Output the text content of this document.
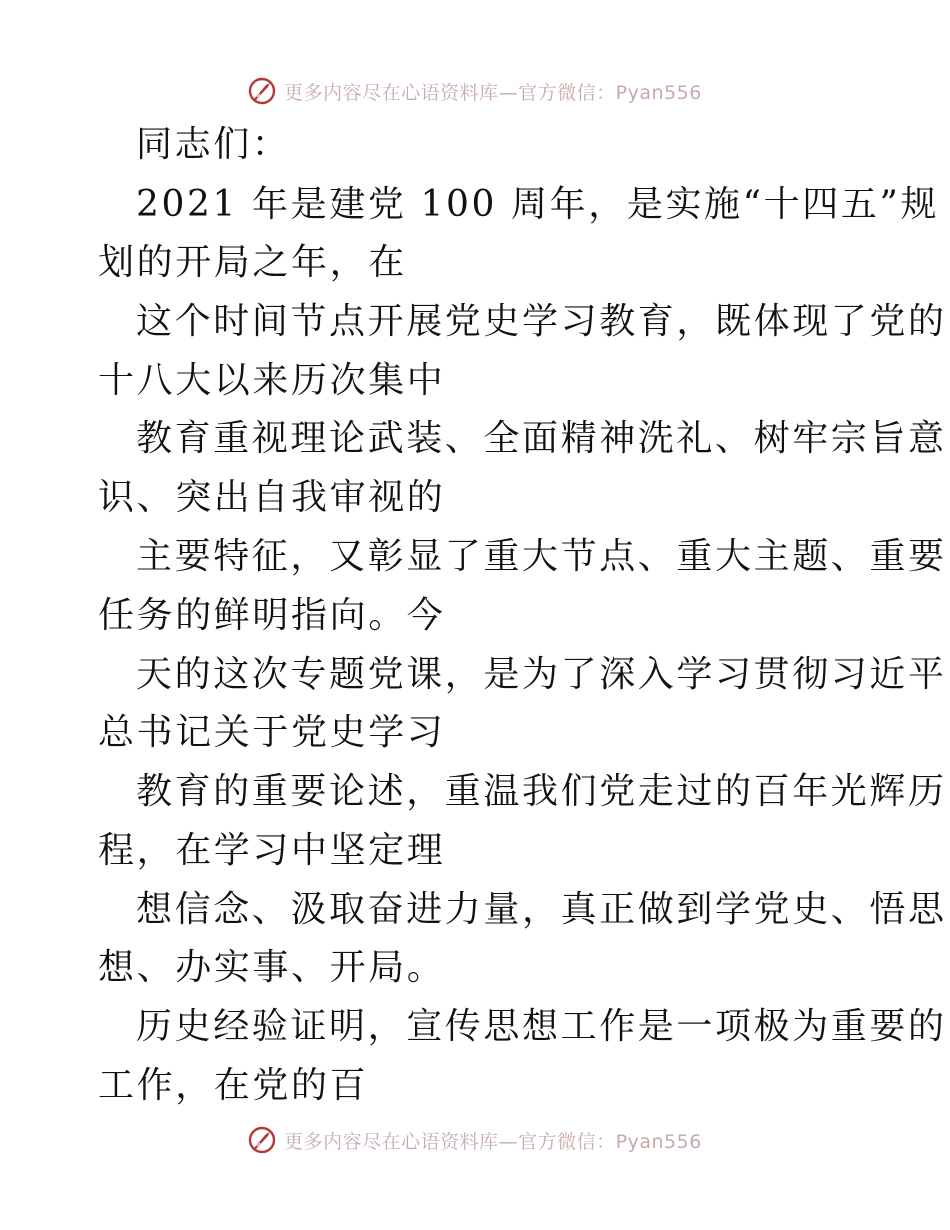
更多内容尽在心语资料库—官方微信：Pyan556
同志们：
2021 年是建党 100 周年，是实施“十四五”规
划的开局之年，在
这个时间节点开展党史学习教育，既体现了党的
十八大以来历次集中
教育重视理论武装、全面精神洗礼、树牢宗旨意
识、突出自我审视的
主要特征，又彰显了重大节点、重大主题、重要
任务的鲜明指向。今
天的这次专题党课，是为了深入学习贯彻习近平
总书记关于党史学习
教育的重要论述，重温我们党走过的百年光辉历
程，在学习中坚定理
想信念、汲取奋进力量，真正做到学党史、悟思
想、办实事、开局。
历史经验证明，宣传思想工作是一项极为重要的
工作，在党的百
更多内容尽在心语资料库—官方微信：Pyan556
